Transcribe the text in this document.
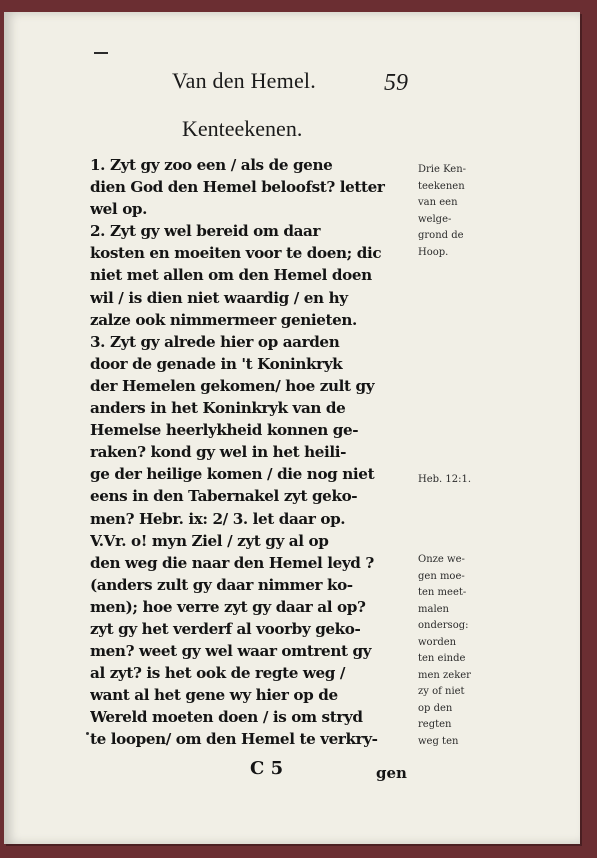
Van den Hemel.	59
Kenteekenen.
1. Zyt gy zoo een / als de gene
dien God den Hemel beloofst? letter
wel op.
2. Zyt gy wel bereid om daar
kosten en moeiten voor te doen; dic
niet met allen om den Hemel doen
wil / is dien niet waardig / en hy
zalze ook nimmermeer genieten.
3. Zyt gy alrede hier op aarden
door de genade in 't Koninkryk
der Hemelen gekomen/ hoe zult gy
anders in het Koninkryk van de
Hemelse heerlykheid konnen ge-
raken? kond gy wel in het heili-
ge der heilige komen / die nog niet
eens in den Tabernakel zyt geko-
men? Hebr. ix: 2/ 3. let daar op.
V.Vr. o! myn Ziel / zyt gy al op
den weg die naar den Hemel leyd ?
(anders zult gy daar nimmer ko-
men); hoe verre zyt gy daar al op?
zyt gy het verderf al voorby geko-
men? weet gy wel waar omtrent gy
al zyt? is het ook de regte weg /
want al het gene wy hier op de
Wereld moeten doen / is om stryd
te loopen/ om den Hemel te verkry-
Drie Ken-
teekenen
van een
welge-
grond de
Hoop.
Heb. 12:1.
Onze we-
gen moe-
ten meet-
malen
ondersog:
worden
ten einde
men zeker
zy of niet
op den
regten
weg ten
C 5	gen
